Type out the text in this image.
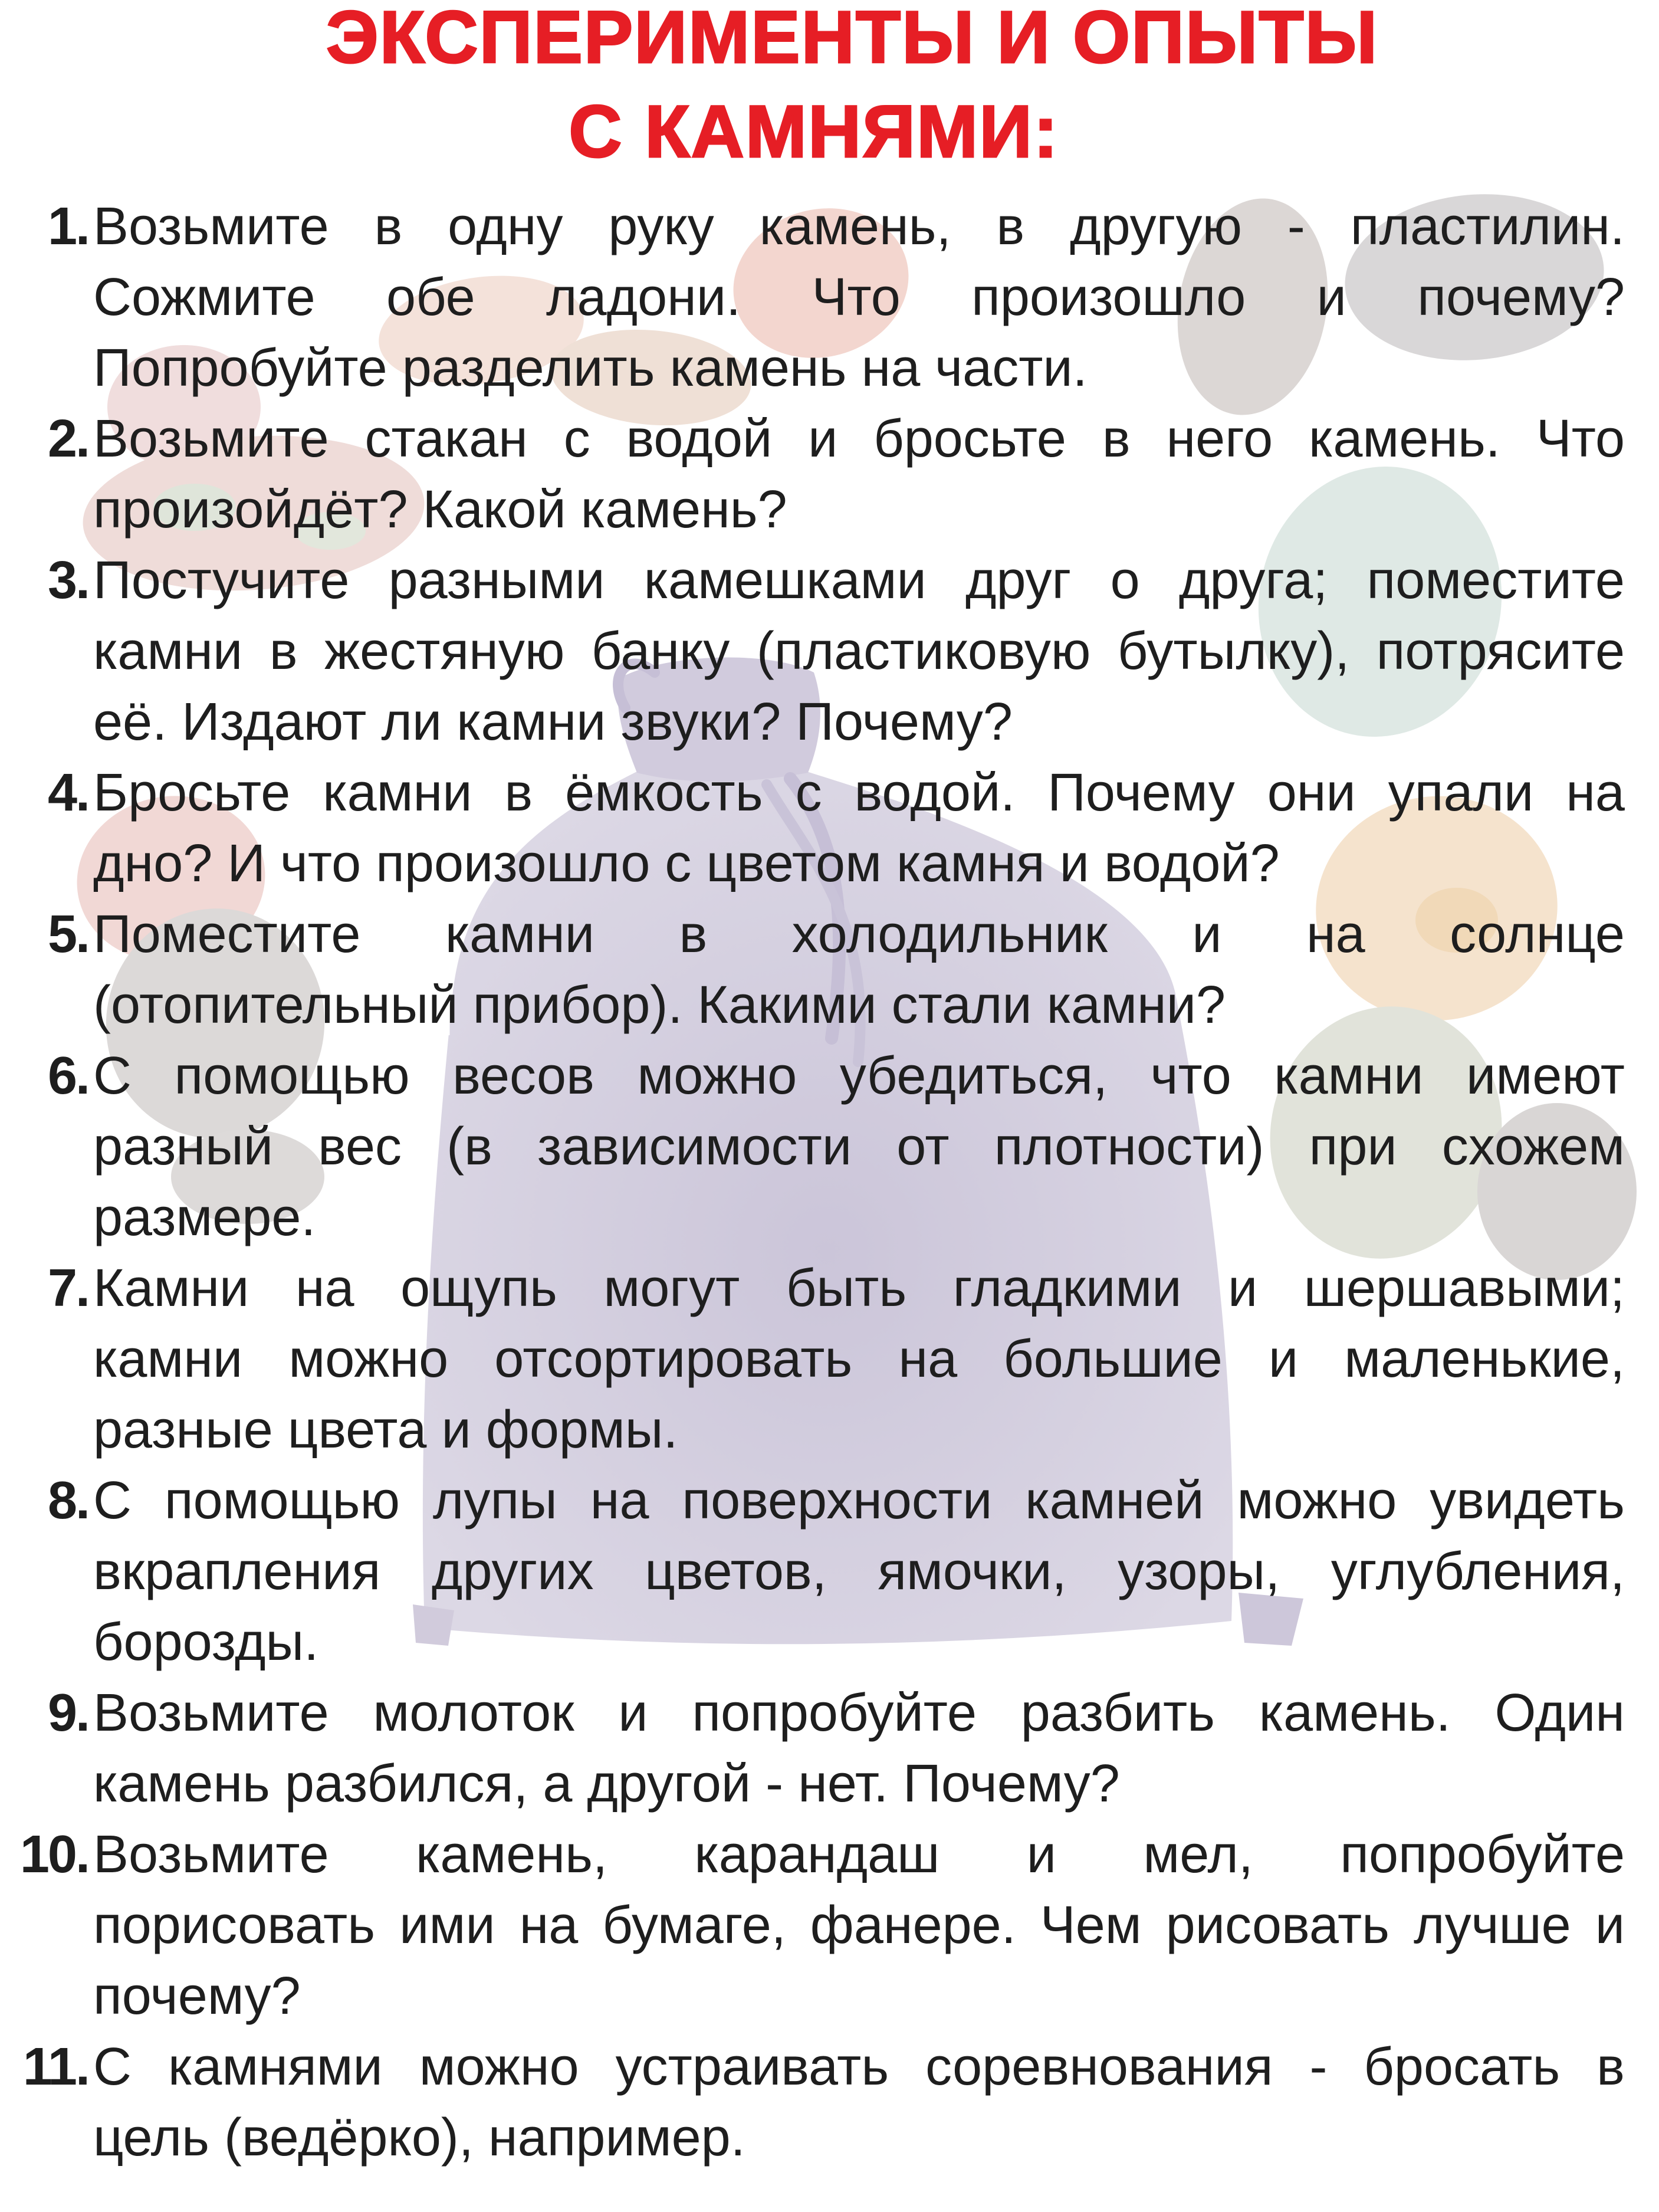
ЭКСПЕРИМЕНТЫ И ОПЫТЫ
С КАМНЯМИ:
1. Возьмите в одну руку камень, в другую - пластилин.
Сожмите обе ладони. Что произошло и почему?
Попробуйте разделить камень на части.
2. Возьмите стакан с водой и бросьте в него камень. Что
произойдёт? Какой камень?
3. Постучите разными камешками друг о друга; поместите
камни в жестяную банку (пластиковую бутылку), потрясите
её. Издают ли камни звуки? Почему?
4. Бросьте камни в ёмкость с водой. Почему они упали на
дно? И что произошло с цветом камня и водой?
5. Поместите камни в холодильник и на солнце
(отопительный прибор). Какими стали камни?
6. С помощью весов можно убедиться, что камни имеют
разный вес (в зависимости от плотности) при схожем
размере.
7. Камни на ощупь могут быть гладкими и шершавыми;
камни можно отсортировать на большие и маленькие,
разные цвета и формы.
8. С помощью лупы на поверхности камней можно увидеть
вкрапления других цветов, ямочки, узоры, углубления,
борозды.
9. Возьмите молоток и попробуйте разбить камень. Один
камень разбился, а другой - нет. Почему?
10. Возьмите камень, карандаш и мел, попробуйте
порисовать ими на бумаге, фанере. Чем рисовать лучше и
почему?
11. С камнями можно устраивать соревнования - бросать в
цель (ведёрко), например.
